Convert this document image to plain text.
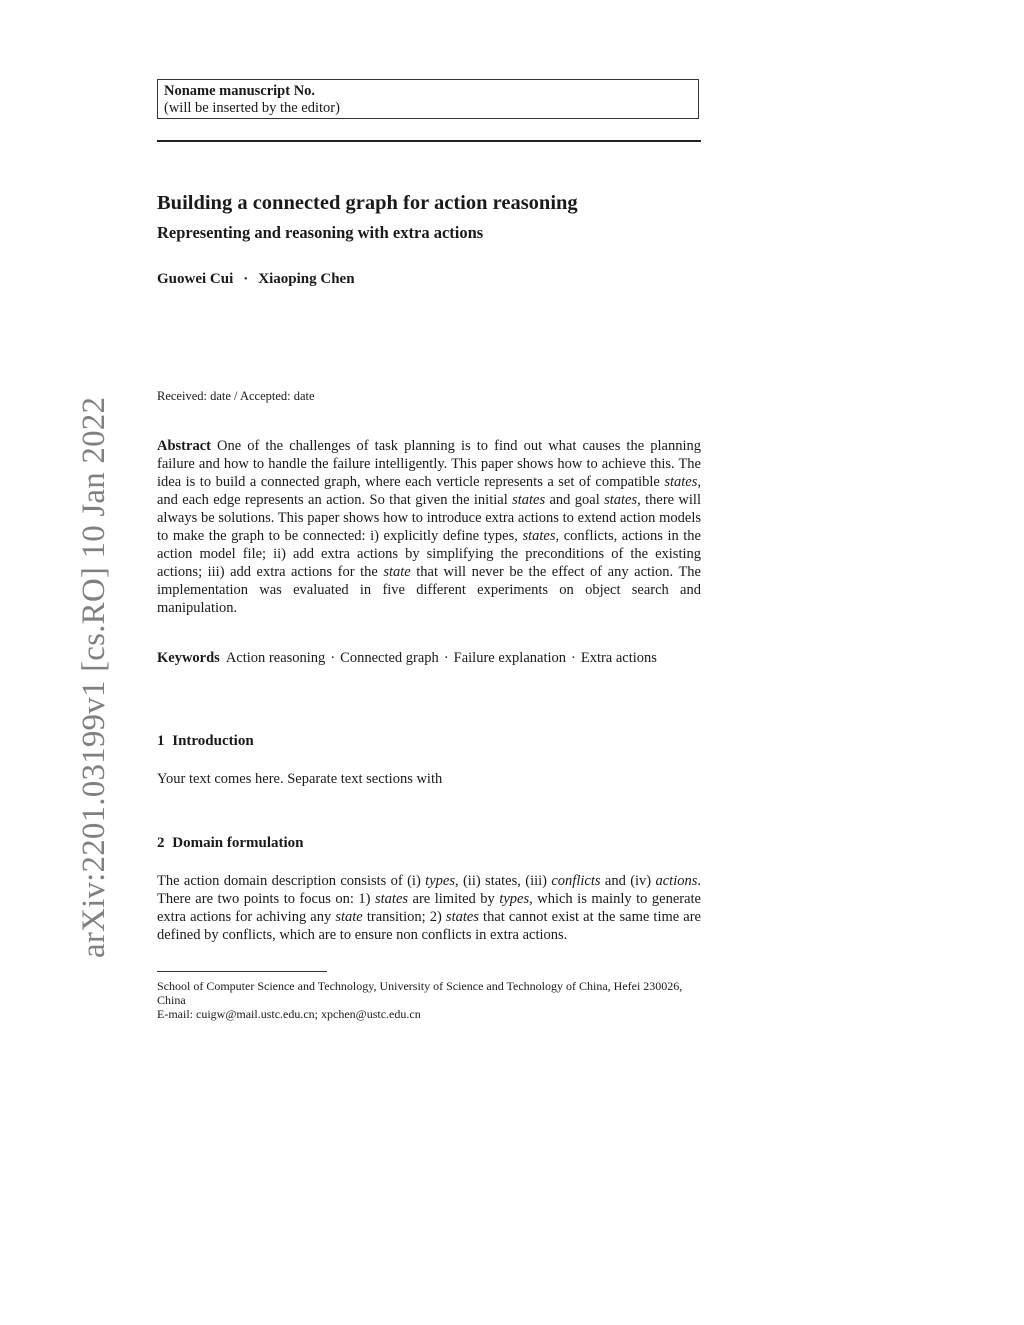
Noname manuscript No.
(will be inserted by the editor)
Building a connected graph for action reasoning
Representing and reasoning with extra actions
Guowei Cui · Xiaoping Chen
Received: date / Accepted: date

Abstract One of the challenges of task planning is to find out what causes the planning failure and how to handle the failure intelligently. This paper shows how to achieve this. The idea is to build a connected graph, where each verticle represents a set of compatible states, and each edge represents an action. So that given the initial states and goal states, there will always be solutions. This paper shows how to introduce extra actions to extend action models to make the graph to be connected: i) explicitly define types, states, conflicts, actions in the action model file; ii) add extra actions by simplifying the preconditions of the existing actions; iii) add extra actions for the state that will never be the effect of any action. The implementation was evaluated in five different experiments on object search and manipulation.

Keywords Action reasoning · Connected graph · Failure explanation · Extra actions

1 Introduction

Your text comes here. Separate text sections with

2 Domain formulation

The action domain description consists of (i) types, (ii) states, (iii) conflicts and (iv) actions. There are two points to focus on: 1) states are limited by types, which is mainly to generate extra actions for achiving any state transition; 2) states that cannot exist at the same time are defined by conflicts, which are to ensure non conflicts in extra actions.

School of Computer Science and Technology, University of Science and Technology of China, Hefei 230026, China
E-mail: cuigw@mail.ustc.edu.cn; xpchen@ustc.edu.cn

arXiv:2201.03199v1 [cs.RO] 10 Jan 2022
